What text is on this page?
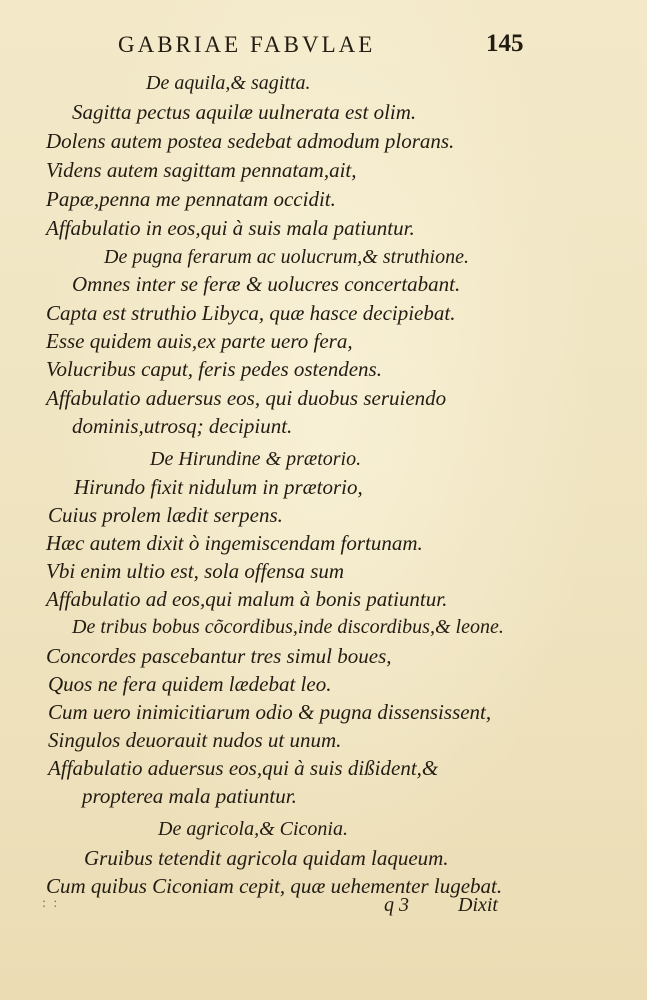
GABRIAE FABVLAE	145
De aquila,& sagitta.
Sagitta pectus aquilæ uulnerata est olim.
Dolens autem postea sedebat admodum plorans.
Videns autem sagittam pennatam,ait,
Papæ,penna me pennatam occidit.
Affabulatio in eos,qui à suis mala patiuntur.
De pugna ferarum ac uolucrum,& struthione.
Omnes inter se feræ & uolucres concertabant.
Capta est struthio Libyca, quæ hasce decipiebat.
Esse quidem auis,ex parte uero fera,
Volucribus caput, feris pedes ostendens.
Affabulatio aduersus eos, qui duobus seruiendo
dominis,utrosq; decipiunt.
De Hirundine & prætorio.
Hirundo fixit nidulum in prætorio,
Cuius prolem lædit serpens.
Hæc autem dixit ò ingemiscendam fortunam.
Vbi enim ultio est, sola offensa sum
Affabulatio ad eos,qui malum à bonis patiuntur.
De tribus bobus cõcordibus,inde discordibus,& leone.
Concordes pascebantur tres simul boues,
Quos ne fera quidem lædebat leo.
Cum uero inimicitiarum odio & pugna dissensissent,
Singulos deuorauit nudos ut unum.
Affabulatio aduersus eos,qui à suis dißident,&
propterea mala patiuntur.
De agricola,& Ciconia.
Gruibus tetendit agricola quidam laqueum.
Cum quibus Ciconiam cepit, quæ uehementer lugebat.
: :	q 3 Dixit
